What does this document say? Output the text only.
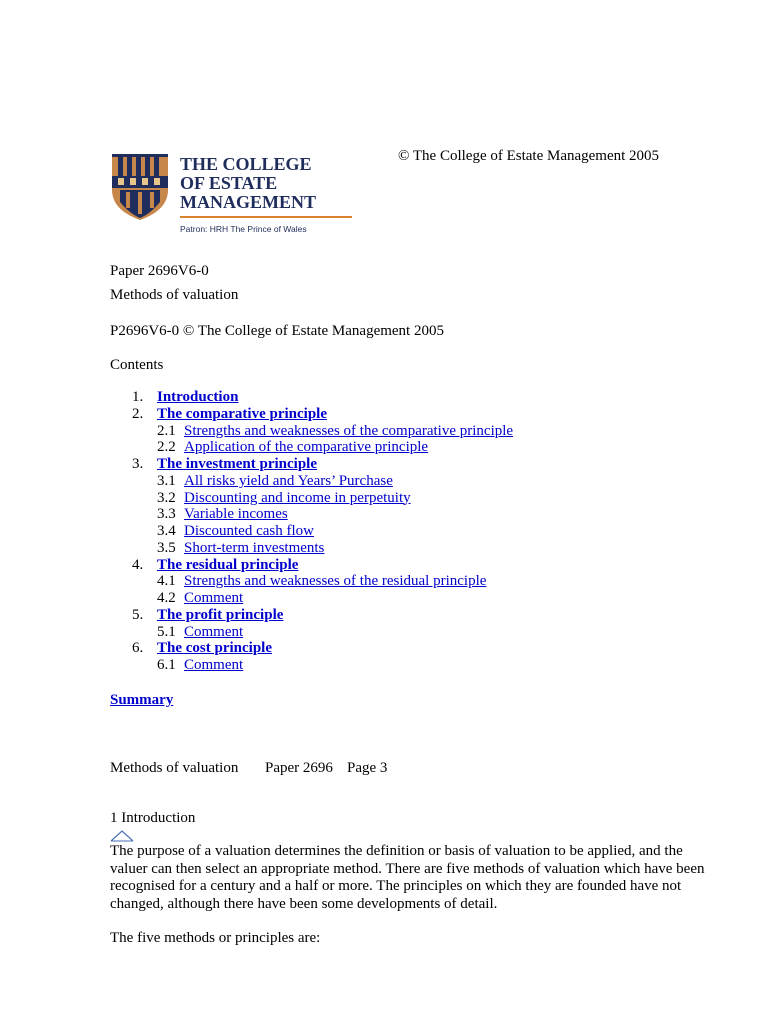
THE COLLEGE
OF ESTATE
MANAGEMENT
Patron: HRH The Prince of Wales
© The College of Estate Management 2005
Paper 2696V6-0
Methods of valuation
P2696V6-0 © The College of Estate Management 2005
Contents
1. Introduction
2. The comparative principle
2.1 Strengths and weaknesses of the comparative principle
2.2 Application of the comparative principle
3. The investment principle
3.1 All risks yield and Years’ Purchase
3.2 Discounting and income in perpetuity
3.3 Variable incomes
3.4 Discounted cash flow
3.5 Short-term investments
4. The residual principle
4.1 Strengths and weaknesses of the residual principle
4.2 Comment
5. The profit principle
5.1 Comment
6. The cost principle
6.1 Comment
Summary
Methods of valuation Paper 2696 Page 3
1 Introduction
The purpose of a valuation determines the definition or basis of valuation to be applied, and the valuer can then select an appropriate method. There are five methods of valuation which have been recognised for a century and a half or more. The principles on which they are founded have not changed, although there have been some developments of detail.
The five methods or principles are:
